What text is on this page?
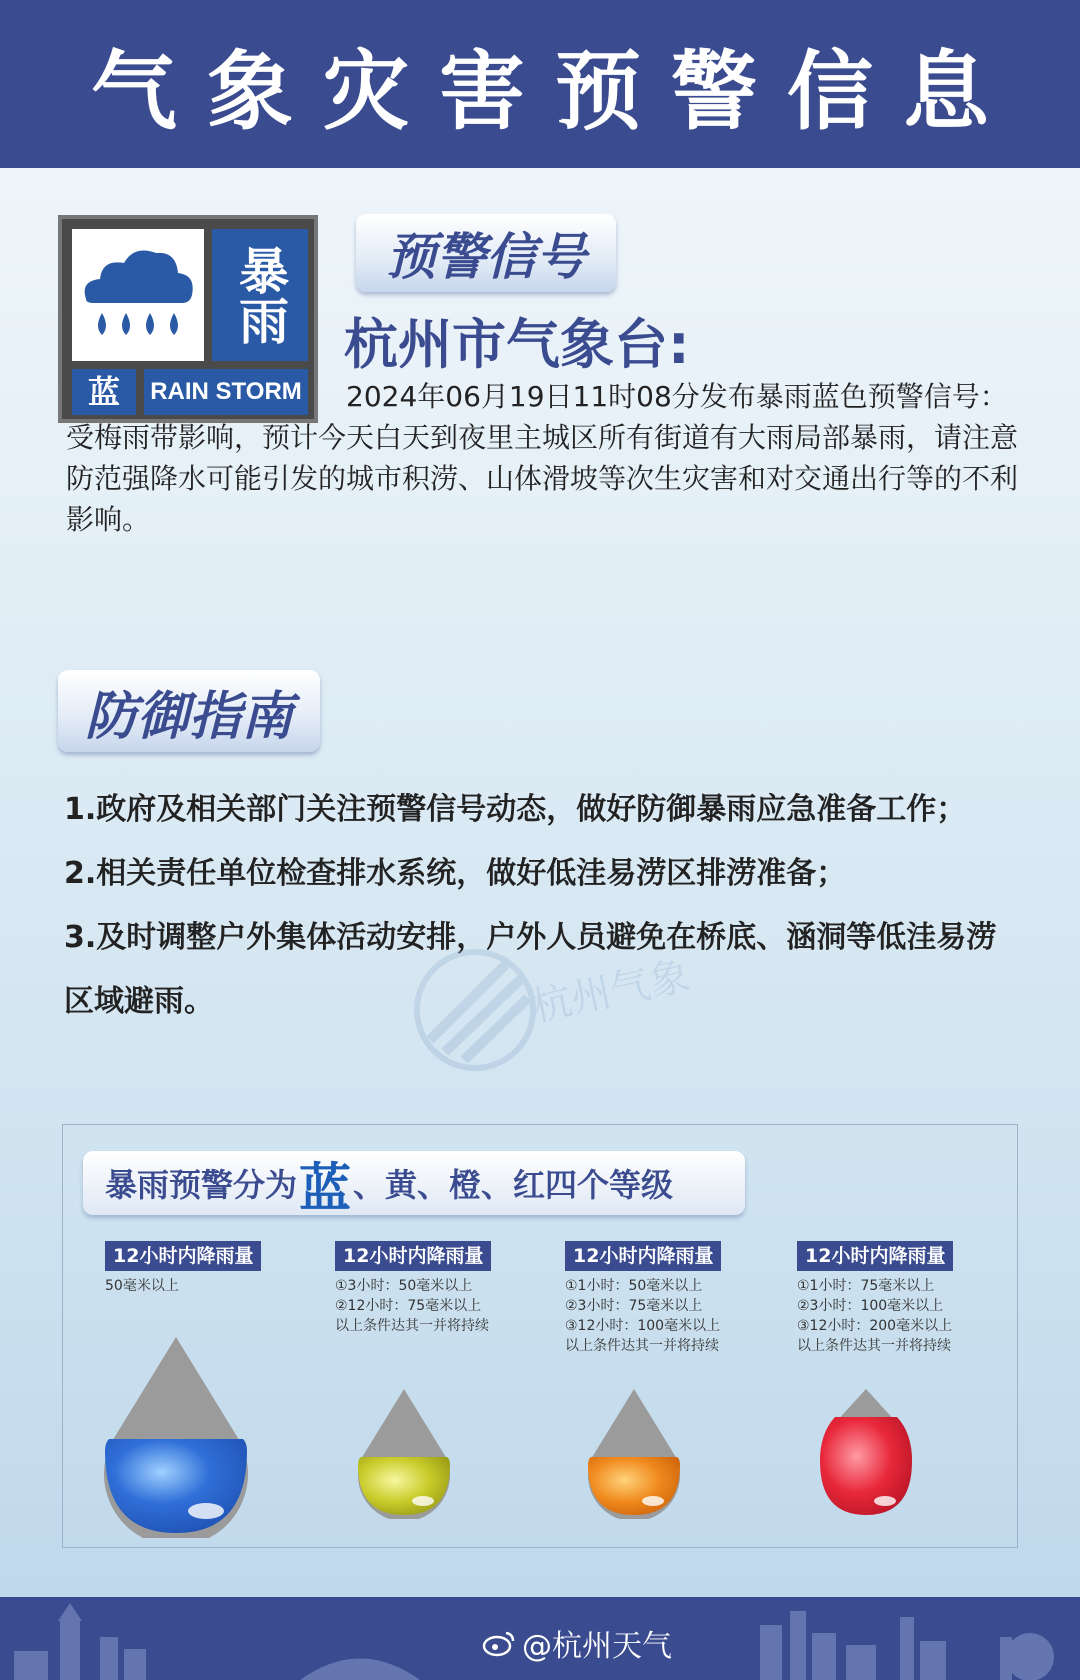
气象灾害预警信息
暴雨
蓝	RAIN STORM
预警信号
杭州市气象台:
2024年06月19日11时08分发布暴雨蓝色预警信号：受梅雨带影响，预计今天白天到夜里主城区所有街道有大雨局部暴雨，请注意防范强降水可能引发的城市积涝、山体滑坡等次生灾害和对交通出行等的不利影响。
防御指南

1.政府及相关部门关注预警信号动态，做好防御暴雨应急准备工作；

2.相关责任单位检查排水系统，做好低洼易涝区排涝准备；

3.及时调整户外集体活动安排，户外人员避免在桥底、涵洞等低洼易涝区域避雨。	杭州气象
暴雨预警分为 蓝 、黄、橙、红四个等级
12小时内降雨量
50毫米以上
12小时内降雨量
①3小时：50毫米以上
②12小时：75毫米以上
以上条件达其一并将持续
12小时内降雨量
①1小时：50毫米以上
②3小时：75毫米以上
③12小时：100毫米以上
以上条件达其一并将持续
12小时内降雨量
①1小时：75毫米以上
②3小时：100毫米以上
③12小时：200毫米以上
以上条件达其一并将持续
@杭州天气
